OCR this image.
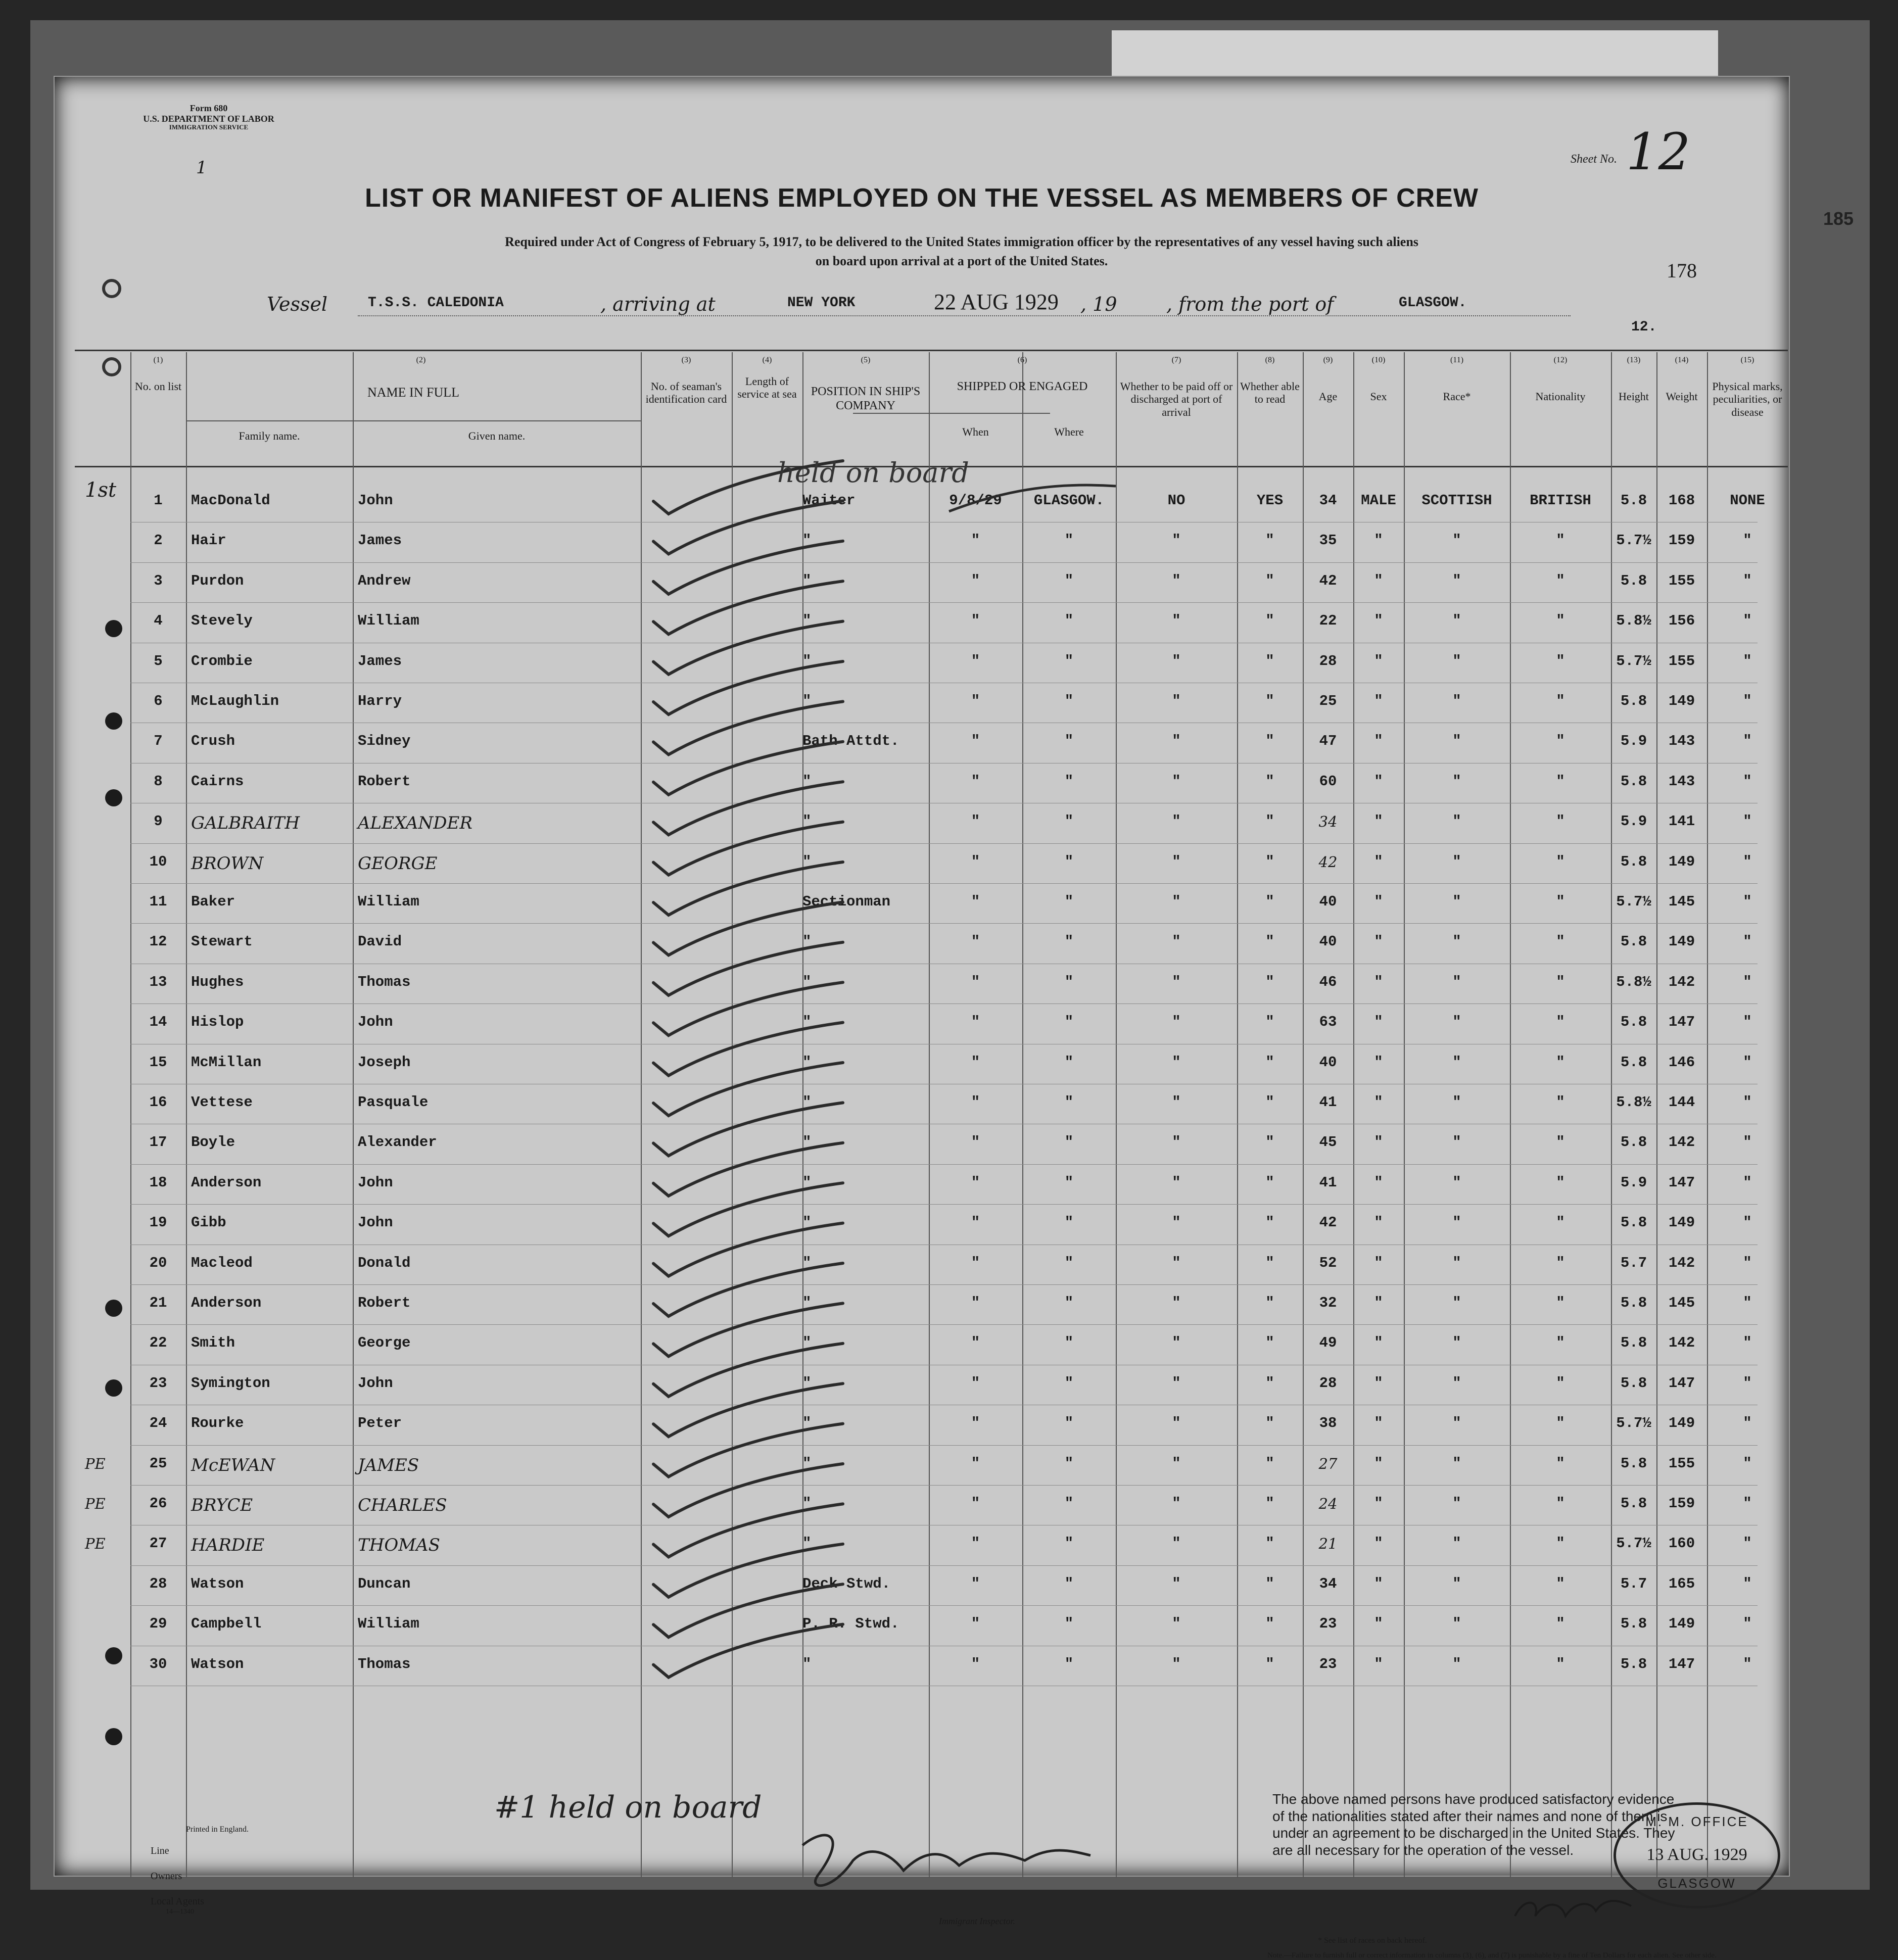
Form 680
U.S. DEPARTMENT OF LABOR
IMMIGRATION SERVICE
1
LIST OR MANIFEST OF ALIENS EMPLOYED ON THE VESSEL AS MEMBERS OF CREW
Required under Act of Congress of February 5, 1917, to be delivered to the United States immigration officer by the representatives of any vessel having such aliens
on board upon arrival at a port of the United States.
Sheet No. 12
185
178
Vessel	T.S.S. CALEDONIA	, arriving at	NEW YORK	22 AUG 1929 , 19	, from the port of	GLASGOW.
12.
(1)	(2)	(3)	(4)	(5)	(6)	(7)	(8)	(9)	(10)	(11)	(12)	(13)	(14)	(15)
No. on list	NAME IN FULL
Family name.	Given name.
No. of seaman's identification card
Length of service at sea	POSITION IN SHIP'S COMPANY
SHIPPED OR ENGAGED
When	Where
Whether to be paid off or discharged at port of arrival
Whether able to read	Age	Sex	Race*	Nationality	Height	Weight
Physical marks, peculiarities, or disease
1	MacDonald	John	Waiter	9/8/29	GLASGOW.	NO	YES	34	MALE	SCOTTISH	BRITISH	5.8	168	NONE
2	Hair	James	"	"	"	"	"	35	"	"	"	5.7½	159	"
3	Purdon	Andrew	"	"	"	"	"	42	"	"	"	5.8	155	"
4	Stevely	William	"	"	"	"	"	22	"	"	"	5.8½	156	"
5	Crombie	James	"	"	"	"	"	28	"	"	"	5.7½	155	"
6	McLaughlin	Harry	"	"	"	"	"	25	"	"	"	5.8	149	"
7	Crush	Sidney	Bath Attdt.	"	"	"	"	47	"	"	"	5.9	143	"
8	Cairns	Robert	"	"	"	"	"	60	"	"	"	5.8	143	"
9	GALBRAITH	ALEXANDER	"	"	"	"	"	34	"	"	"	5.9	141	"
10	BROWN	GEORGE	"	"	"	"	"	42	"	"	"	5.8	149	"
11	Baker	William	Sectionman	"	"	"	"	40	"	"	"	5.7½	145	"
12	Stewart	David	"	"	"	"	"	40	"	"	"	5.8	149	"
13	Hughes	Thomas	"	"	"	"	"	46	"	"	"	5.8½	142	"
14	Hislop	John	"	"	"	"	"	63	"	"	"	5.8	147	"
15	McMillan	Joseph	"	"	"	"	"	40	"	"	"	5.8	146	"
16	Vettese	Pasquale	"	"	"	"	"	41	"	"	"	5.8½	144	"
17	Boyle	Alexander	"	"	"	"	"	45	"	"	"	5.8	142	"
18	Anderson	John	"	"	"	"	"	41	"	"	"	5.9	147	"
19	Gibb	John	"	"	"	"	"	42	"	"	"	5.8	149	"
20	Macleod	Donald	"	"	"	"	"	52	"	"	"	5.7	142	"
21	Anderson	Robert	"	"	"	"	"	32	"	"	"	5.8	145	"
22	Smith	George	"	"	"	"	"	49	"	"	"	5.8	142	"
23	Symington	John	"	"	"	"	"	28	"	"	"	5.8	147	"
24	Rourke	Peter	"	"	"	"	"	38	"	"	"	5.7½	149	"
25	McEWAN	JAMES	"	"	"	"	"	27	"	"	"	5.8	155	"
PE
26	BRYCE	CHARLES	"	"	"	"	"	24	"	"	"	5.8	159	"
PE
27	HARDIE	THOMAS	"	"	"	"	"	21	"	"	"	5.7½	160	"
PE
28	Watson	Duncan	Deck Stwd.	"	"	"	"	34	"	"	"	5.7	165	"
29	Campbell	William	P. R. Stwd.	"	"	"	"	23	"	"	"	5.8	149	"
30	Watson	Thomas	"	"	"	"	"	23	"	"	"	5.8	147	"
1st
held on board
#1 held on board
Printed in England.
Line
Owners
Local Agents
14—1340
Immigrant Inspector.
The above named persons have produced satisfactory evidence of the nationalities stated after their names and none of them is under an agreement to be discharged in the United States. They are all necessary for the operation of the vessel.
* See list of races on back hereof.
Note.—Failure to furnish full or correct information in columns (3), (6), and (7) is punishable by a fine of Ten Dollars for each alien. See other side.
M. M. OFFICE
13 AUG. 1929
GLASGOW
